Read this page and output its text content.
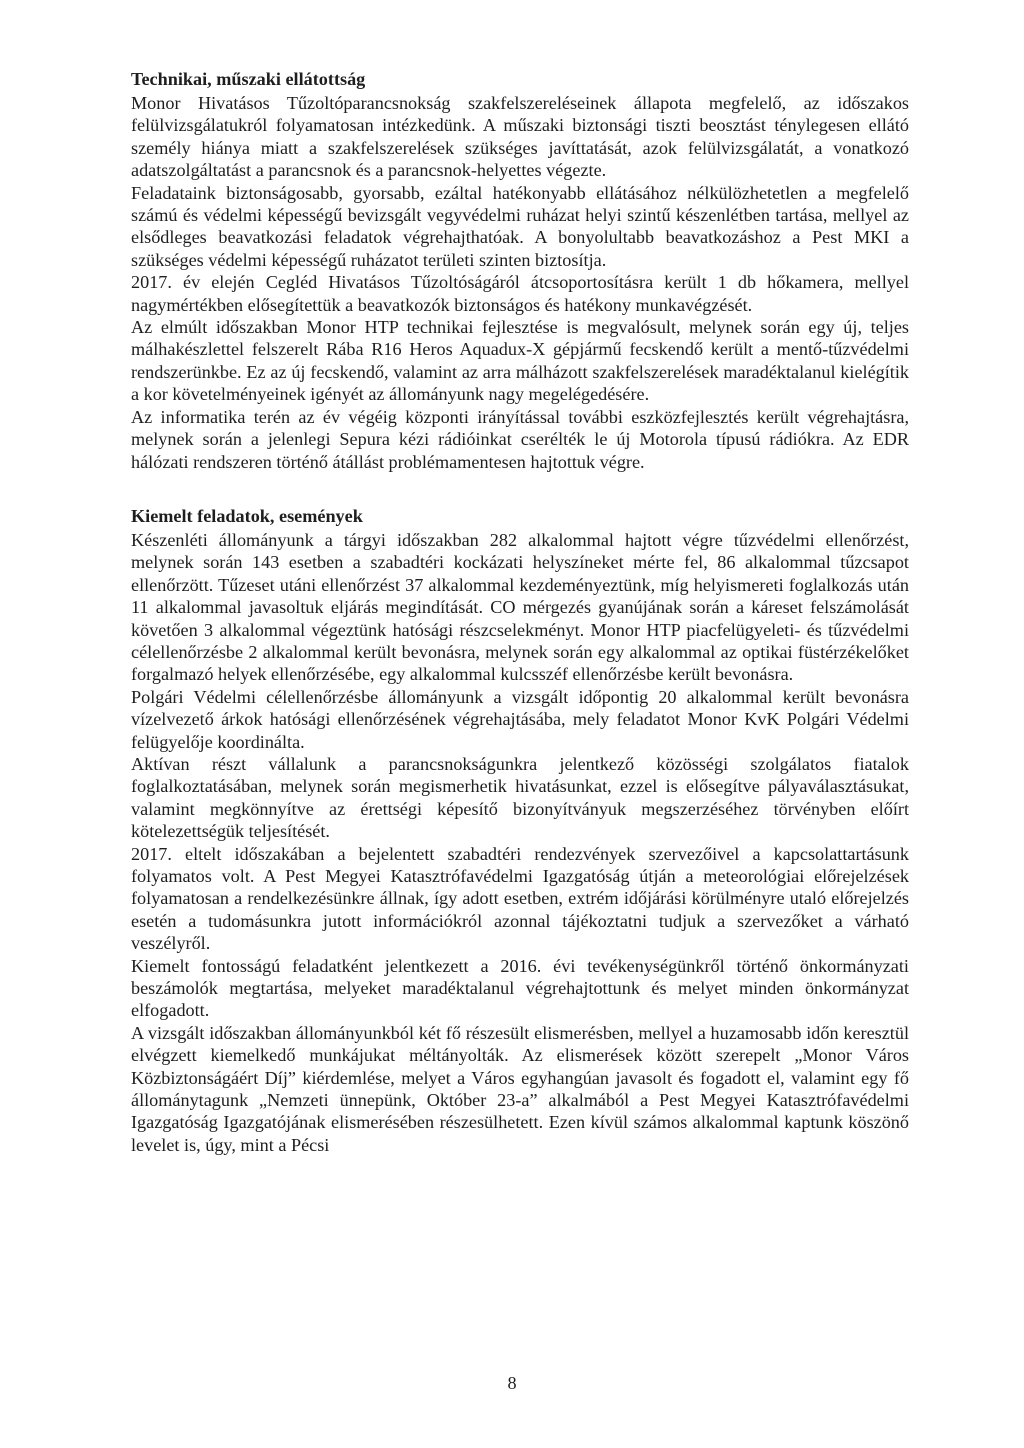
Technikai, műszaki ellátottság

Monor Hivatásos Tűzoltóparancsnokság szakfelszereléseinek állapota megfelelő, az időszakos felülvizsgálatukról folyamatosan intézkedünk. A műszaki biztonsági tiszti beosztást ténylegesen ellátó személy hiánya miatt a szakfelszerelések szükséges javíttatását, azok felülvizsgálatát, a vonatkozó adatszolgáltatást a parancsnok és a parancsnok-helyettes végezte.

Feladataink biztonságosabb, gyorsabb, ezáltal hatékonyabb ellátásához nélkülözhetetlen a megfelelő számú és védelmi képességű bevizsgált vegyvédelmi ruházat helyi szintű készenlétben tartása, mellyel az elsődleges beavatkozási feladatok végrehajthatóak. A bonyolultabb beavatkozáshoz a Pest MKI a szükséges védelmi képességű ruházatot területi szinten biztosítja.

2017. év elején Cegléd Hivatásos Tűzoltóságáról átcsoportosításra került 1 db hőkamera, mellyel nagymértékben elősegítettük a beavatkozók biztonságos és hatékony munkavégzését.

Az elmúlt időszakban Monor HTP technikai fejlesztése is megvalósult, melynek során egy új, teljes málhakészlettel felszerelt Rába R16 Heros Aquadux-X gépjármű fecskendő került a mentő-tűzvédelmi rendszerünkbe. Ez az új fecskendő, valamint az arra málházott szakfelszerelések maradéktalanul kielégítik a kor követelményeinek igényét az állományunk nagy megelégedésére.

Az informatika terén az év végéig központi irányítással további eszközfejlesztés került végrehajtásra, melynek során a jelenlegi Sepura kézi rádióinkat cserélték le új Motorola típusú rádiókra. Az EDR hálózati rendszeren történő átállást problémamentesen hajtottuk végre.

Kiemelt feladatok, események

Készenléti állományunk a tárgyi időszakban 282 alkalommal hajtott végre tűzvédelmi ellenőrzést, melynek során 143 esetben a szabadtéri kockázati helyszíneket mérte fel, 86 alkalommal tűzcsapot ellenőrzött. Tűzeset utáni ellenőrzést 37 alkalommal kezdeményeztünk, míg helyismereti foglalkozás után 11 alkalommal javasoltuk eljárás megindítását. CO mérgezés gyanújának során a káreset felszámolását követően 3 alkalommal végeztünk hatósági részcselekményt. Monor HTP piacfelügyeleti- és tűzvédelmi célellenőrzésbe 2 alkalommal került bevonásra, melynek során egy alkalommal az optikai füstérzékelőket forgalmazó helyek ellenőrzésébe, egy alkalommal kulcsszéf ellenőrzésbe került bevonásra.

Polgári Védelmi célellenőrzésbe állományunk a vizsgált időpontig 20 alkalommal került bevonásra vízelvezető árkok hatósági ellenőrzésének végrehajtásába, mely feladatot Monor KvK Polgári Védelmi felügyelője koordinálta.

Aktívan részt vállalunk a parancsnokságunkra jelentkező közösségi szolgálatos fiatalok foglalkoztatásában, melynek során megismerhetik hivatásunkat, ezzel is elősegítve pályaválasztásukat, valamint megkönnyítve az érettségi képesítő bizonyítványuk megszerzéséhez törvényben előírt kötelezettségük teljesítését.

2017. eltelt időszakában a bejelentett szabadtéri rendezvények szervezőivel a kapcsolattartásunk folyamatos volt. A Pest Megyei Katasztrófavédelmi Igazgatóság útján a meteorológiai előrejelzések folyamatosan a rendelkezésünkre állnak, így adott esetben, extrém időjárási körülményre utaló előrejelzés esetén a tudomásunkra jutott információkról azonnal tájékoztatni tudjuk a szervezőket a várható veszélyről.

Kiemelt fontosságú feladatként jelentkezett a 2016. évi tevékenységünkről történő önkormányzati beszámolók megtartása, melyeket maradéktalanul végrehajtottunk és melyet minden önkormányzat elfogadott.

A vizsgált időszakban állományunkból két fő részesült elismerésben, mellyel a huzamosabb időn keresztül elvégzett kiemelkedő munkájukat méltányolták. Az elismerések között szerepelt „Monor Város Közbiztonságáért Díj” kiérdemlése, melyet a Város egyhangúan javasolt és fogadott el, valamint egy fő állománytagunk „Nemzeti ünnepünk, Október 23-a” alkalmából a Pest Megyei Katasztrófavédelmi Igazgatóság Igazgatójának elismerésében részesülhetett. Ezen kívül számos alkalommal kaptunk köszönő levelet is, úgy, mint a Pécsi

8
